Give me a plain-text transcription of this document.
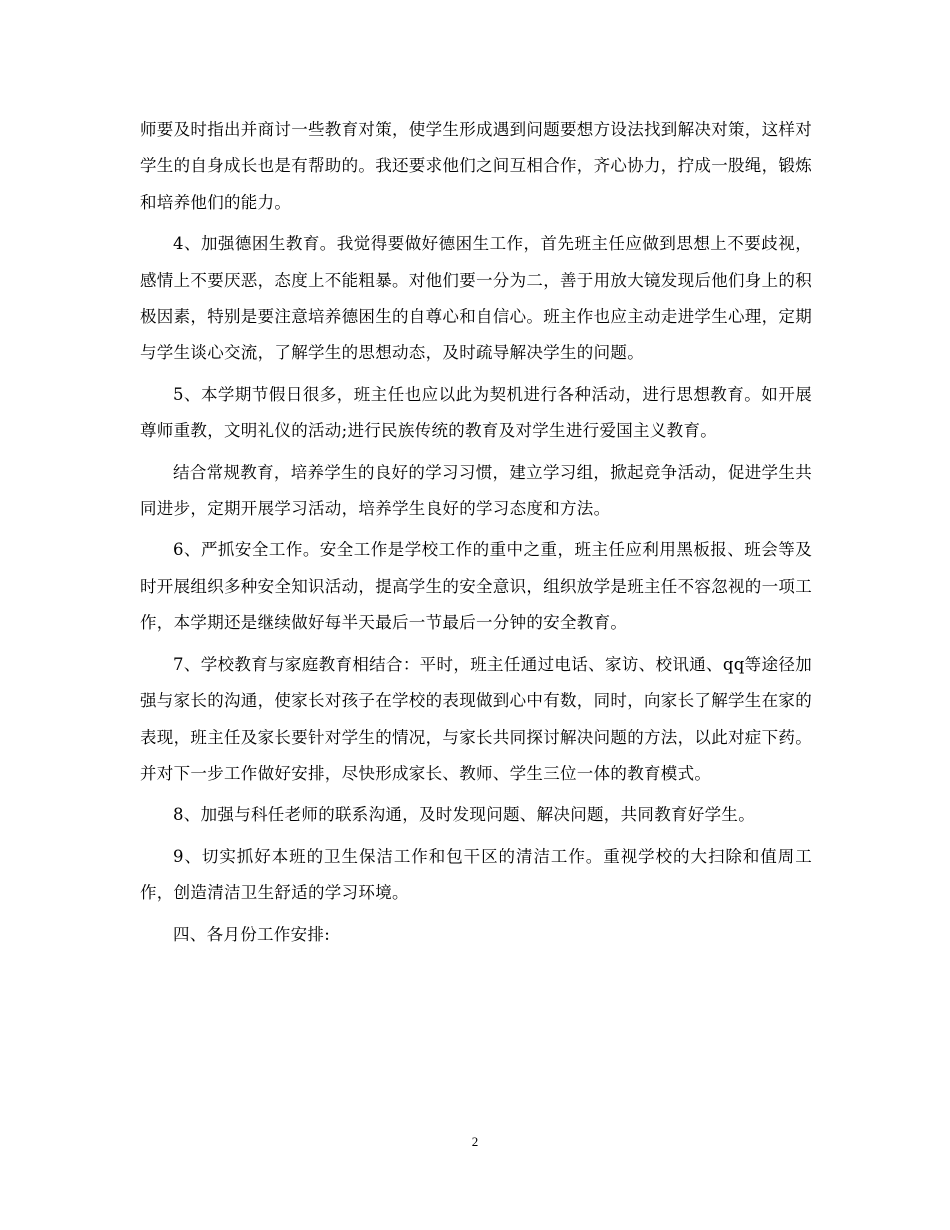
师要及时指出并商讨一些教育对策，使学生形成遇到问题要想方设法找到解决对策，这样对学生的自身成长也是有帮助的。我还要求他们之间互相合作，齐心协力，拧成一股绳，锻炼和培养他们的能力。

4、加强德困生教育。我觉得要做好德困生工作，首先班主任应做到思想上不要歧视，感情上不要厌恶，态度上不能粗暴。对他们要一分为二，善于用放大镜发现后他们身上的积极因素，特别是要注意培养德困生的自尊心和自信心。班主作也应主动走进学生心理，定期与学生谈心交流，了解学生的思想动态，及时疏导解决学生的问题。

5、本学期节假日很多，班主任也应以此为契机进行各种活动，进行思想教育。如开展尊师重教，文明礼仪的活动;进行民族传统的教育及对学生进行爱国主义教育。

结合常规教育，培养学生的良好的学习习惯，建立学习组，掀起竞争活动，促进学生共同进步，定期开展学习活动，培养学生良好的学习态度和方法。

6、严抓安全工作。安全工作是学校工作的重中之重，班主任应利用黑板报、班会等及时开展组织多种安全知识活动，提高学生的安全意识，组织放学是班主任不容忽视的一项工作，本学期还是继续做好每半天最后一节最后一分钟的安全教育。

7、学校教育与家庭教育相结合：平时，班主任通过电话、家访、校讯通、qq等途径加强与家长的沟通，使家长对孩子在学校的表现做到心中有数，同时，向家长了解学生在家的表现，班主任及家长要针对学生的情况，与家长共同探讨解决问题的方法，以此对症下药。并对下一步工作做好安排，尽快形成家长、教师、学生三位一体的教育模式。

8、加强与科任老师的联系沟通，及时发现问题、解决问题，共同教育好学生。

9、切实抓好本班的卫生保洁工作和包干区的清洁工作。重视学校的大扫除和值周工作，创造清洁卫生舒适的学习环境。

四、各月份工作安排:

2
